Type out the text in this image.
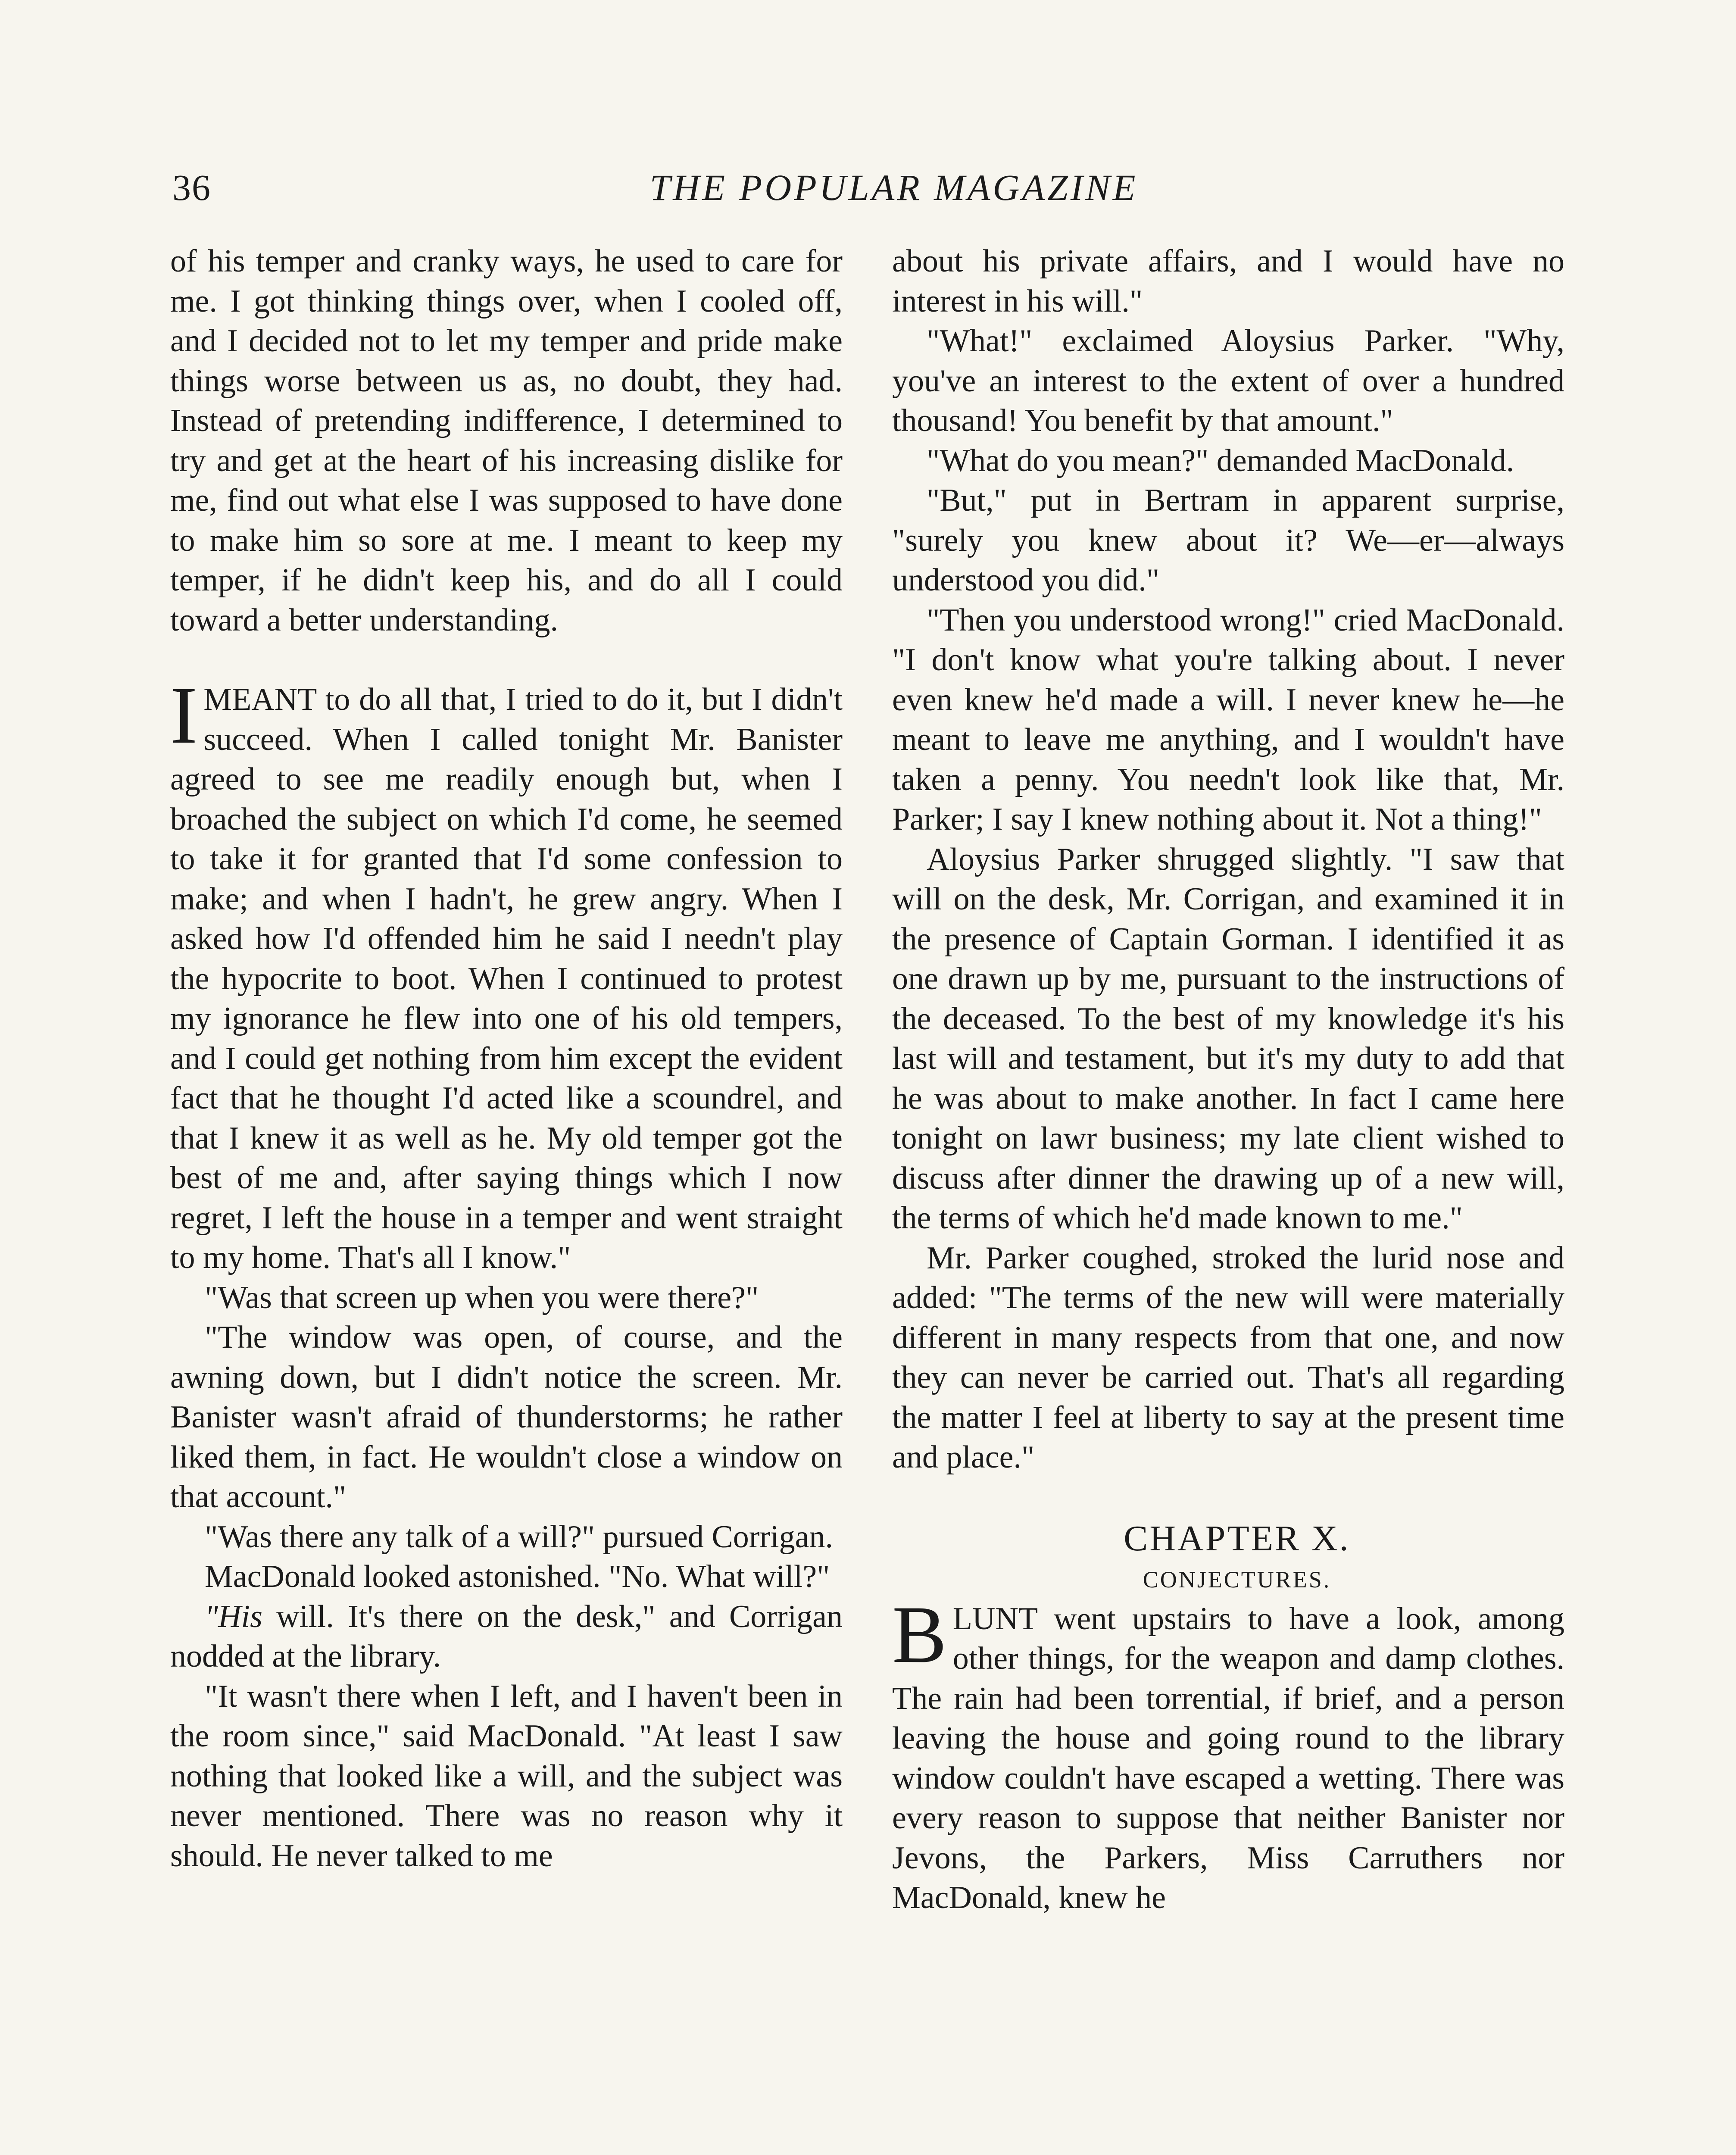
36	THE POPULAR MAGAZINE

of his temper and cranky ways, he used to care for me. I got thinking things over, when I cooled off, and I decided not to let my temper and pride make things worse between us as, no doubt, they had. Instead of pretending indifference, I determined to try and get at the heart of his increasing dislike for me, find out what else I was supposed to have done to make him so sore at me. I meant to keep my temper, if he didn't keep his, and do all I could toward a better understanding.

IMEANT to do all that, I tried to do it, but I didn't succeed. When I called tonight Mr. Banister agreed to see me readily enough but, when I broached the subject on which I'd come, he seemed to take it for granted that I'd some confession to make; and when I hadn't, he grew angry. When I asked how I'd offended him he said I needn't play the hypocrite to boot. When I continued to protest my ignorance he flew into one of his old tempers, and I could get nothing from him except the evident fact that he thought I'd acted like a scoundrel, and that I knew it as well as he. My old temper got the best of me and, after saying things which I now regret, I left the house in a temper and went straight to my home. That's all I know."

"Was that screen up when you were there?"

"The window was open, of course, and the awning down, but I didn't notice the screen. Mr. Banister wasn't afraid of thunderstorms; he rather liked them, in fact. He wouldn't close a window on that account."

"Was there any talk of a will?" pursued Corrigan.

MacDonald looked astonished. "No. What will?"

"His will. It's there on the desk," and Corrigan nodded at the library.

"It wasn't there when I left, and I haven't been in the room since," said MacDonald. "At least I saw nothing that looked like a will, and the subject was never mentioned. There was no reason why it should. He never talked to me

about his private affairs, and I would have no interest in his will."

"What!" exclaimed Aloysius Parker. "Why, you've an interest to the extent of over a hundred thousand! You benefit by that amount."

"What do you mean?" demanded MacDonald.

"But," put in Bertram in apparent surprise, "surely you knew about it? We—er—always understood you did."

"Then you understood wrong!" cried MacDonald. "I don't know what you're talking about. I never even knew he'd made a will. I never knew he—he meant to leave me anything, and I wouldn't have taken a penny. You needn't look like that, Mr. Parker; I say I knew nothing about it. Not a thing!"

Aloysius Parker shrugged slightly. "I saw that will on the desk, Mr. Corrigan, and examined it in the presence of Captain Gorman. I identified it as one drawn up by me, pursuant to the instructions of the deceased. To the best of my knowledge it's his last will and testament, but it's my duty to add that he was about to make another. In fact I came here tonight on lawr business; my late client wished to discuss after dinner the drawing up of a new will, the terms of which he'd made known to me."

Mr. Parker coughed, stroked the lurid nose and added: "The terms of the new will were materially different in many respects from that one, and now they can never be carried out. That's all regarding the matter I feel at liberty to say at the present time and place."

CHAPTER X.
CONJECTURES.

BLUNT went upstairs to have a look, among other things, for the weapon and damp clothes. The rain had been torrential, if brief, and a person leaving the house and going round to the library window couldn't have escaped a wetting. There was every reason to suppose that neither Banister nor Jevons, the Parkers, Miss Carruthers nor MacDonald, knew he
